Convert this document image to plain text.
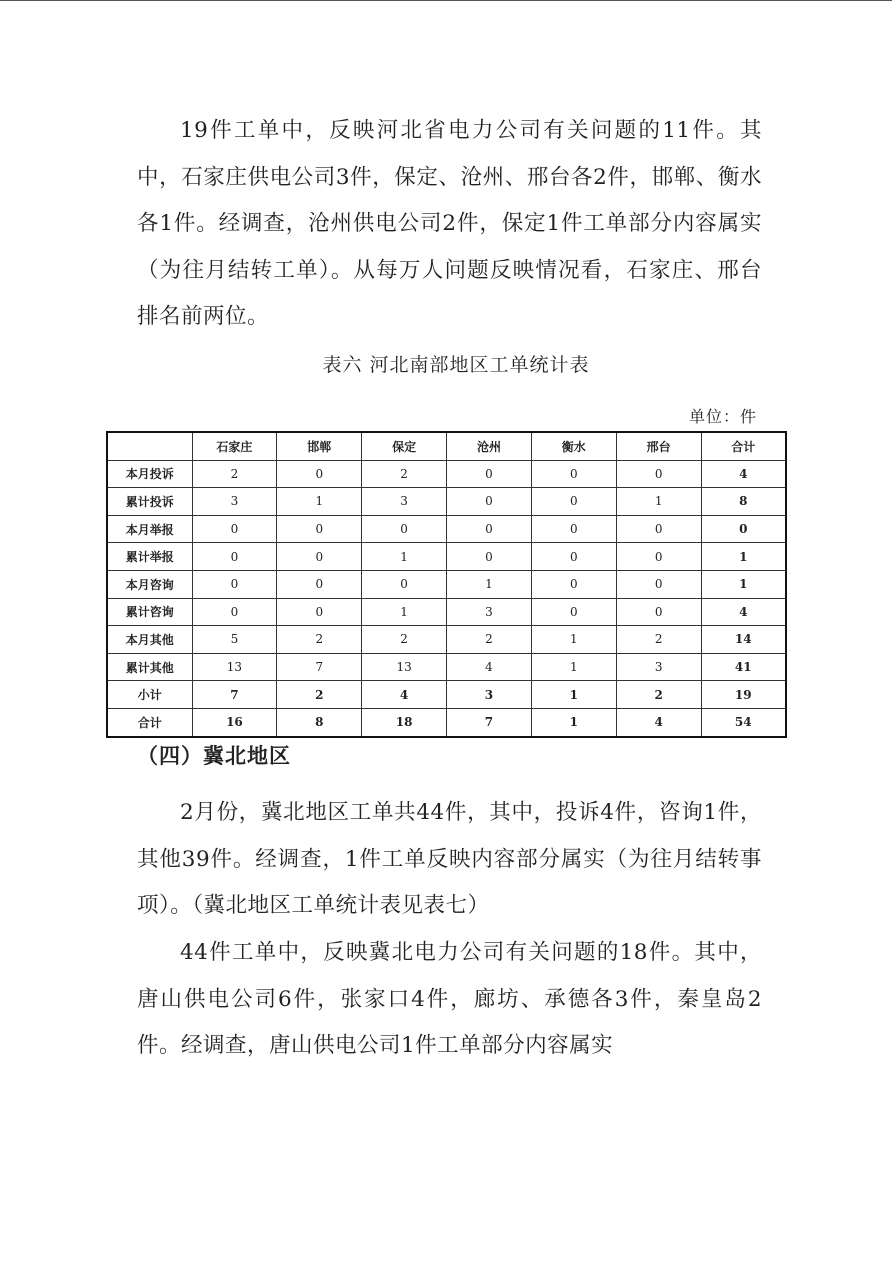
19件工单中，反映河北省电力公司有关问题的11件。其中，石家庄供电公司3件，保定、沧州、邢台各2件，邯郸、衡水各1件。经调查，沧州供电公司2件，保定1件工单部分内容属实（为往月结转工单）。从每万人问题反映情况看，石家庄、邢台排名前两位。

表六 河北南部地区工单统计表
单位：件
	石家庄	邯郸	保定	沧州	衡水	邢台	合计
本月投诉	2	0	2	0	0	0	4
累计投诉	3	1	3	0	0	1	8
本月举报	0	0	0	0	0	0	0
累计举报	0	0	1	0	0	0	1
本月咨询	0	0	0	1	0	0	1
累计咨询	0	0	1	3	0	0	4
本月其他	5	2	2	2	1	2	14
累计其他	13	7	13	4	1	3	41
小计	7	2	4	3	1	2	19
合计	16	8	18	7	1	4	54
（四）冀北地区

2月份，冀北地区工单共44件，其中，投诉4件，咨询1件，其他39件。经调查，1件工单反映内容部分属实（为往月结转事项）。（冀北地区工单统计表见表七）

44件工单中，反映冀北电力公司有关问题的18件。其中，唐山供电公司6件，张家口4件，廊坊、承德各3件，秦皇岛2件。经调查，唐山供电公司1件工单部分内容属实
